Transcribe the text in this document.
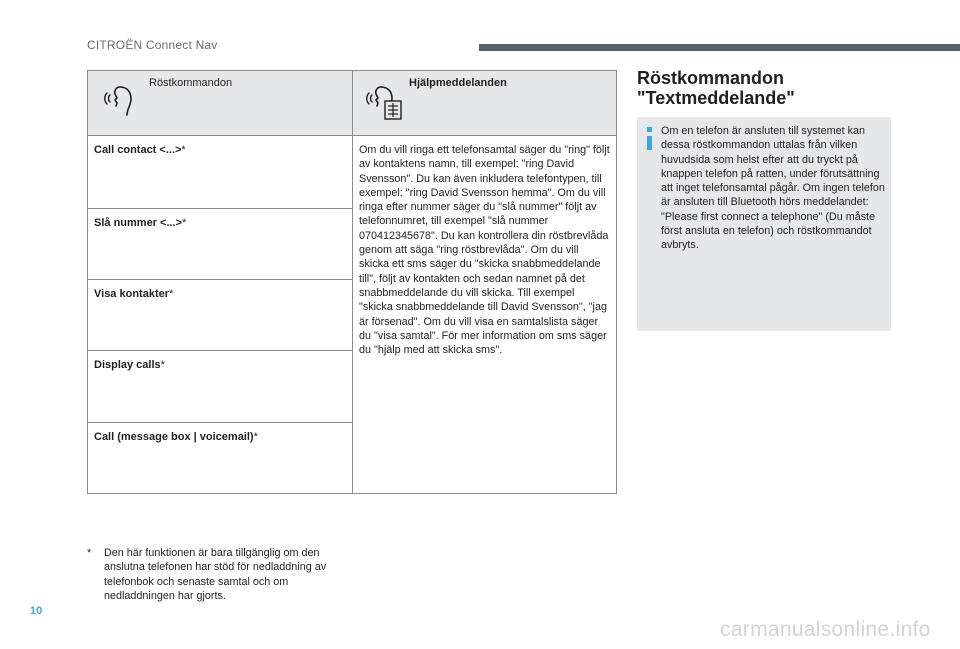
CITROËN Connect Nav
Röstkommandon	Hjälpmeddelanden
Call contact <...>*
Slå nummer <...>*
Visa kontakter*
Display calls*
Call (message box | voicemail)*

Om du vill ringa ett telefonsamtal säger du "ring" följt av kontaktens namn, till exempel: "ring David Svensson". Du kan även inkludera telefontypen, till exempel: "ring David Svensson hemma". Om du vill ringa efter nummer säger du "slå nummer" följt av telefonnumret, till exempel "slå nummer 070412345678". Du kan kontrollera din röstbrevlåda genom att säga "ring röstbrevlåda". Om du vill skicka ett sms säger du "skicka snabbmeddelande till", följt av kontakten och sedan namnet på det snabbmeddelande du vill skicka. Till exempel "skicka snabbmeddelande till David Svensson", "jag är försenad". Om du vill visa en samtalslista säger du "visa samtal". För mer information om sms säger du "hjälp med att skicka sms".

* Den här funktionen är bara tillgänglig om den anslutna telefonen har stöd för nedladdning av telefonbok och senaste samtal och om nedladdningen har gjorts.
Röstkommandon
"Textmeddelande"

Om en telefon är ansluten till systemet kan dessa röstkommandon uttalas från vilken huvudsida som helst efter att du tryckt på knappen telefon på ratten, under förutsättning att inget telefonsamtal pågår. Om ingen telefon är ansluten till Bluetooth hörs meddelandet: "Please first connect a telephone" (Du måste först ansluta en telefon) och röstkommandot avbryts.

10
carmanualsonline.info
